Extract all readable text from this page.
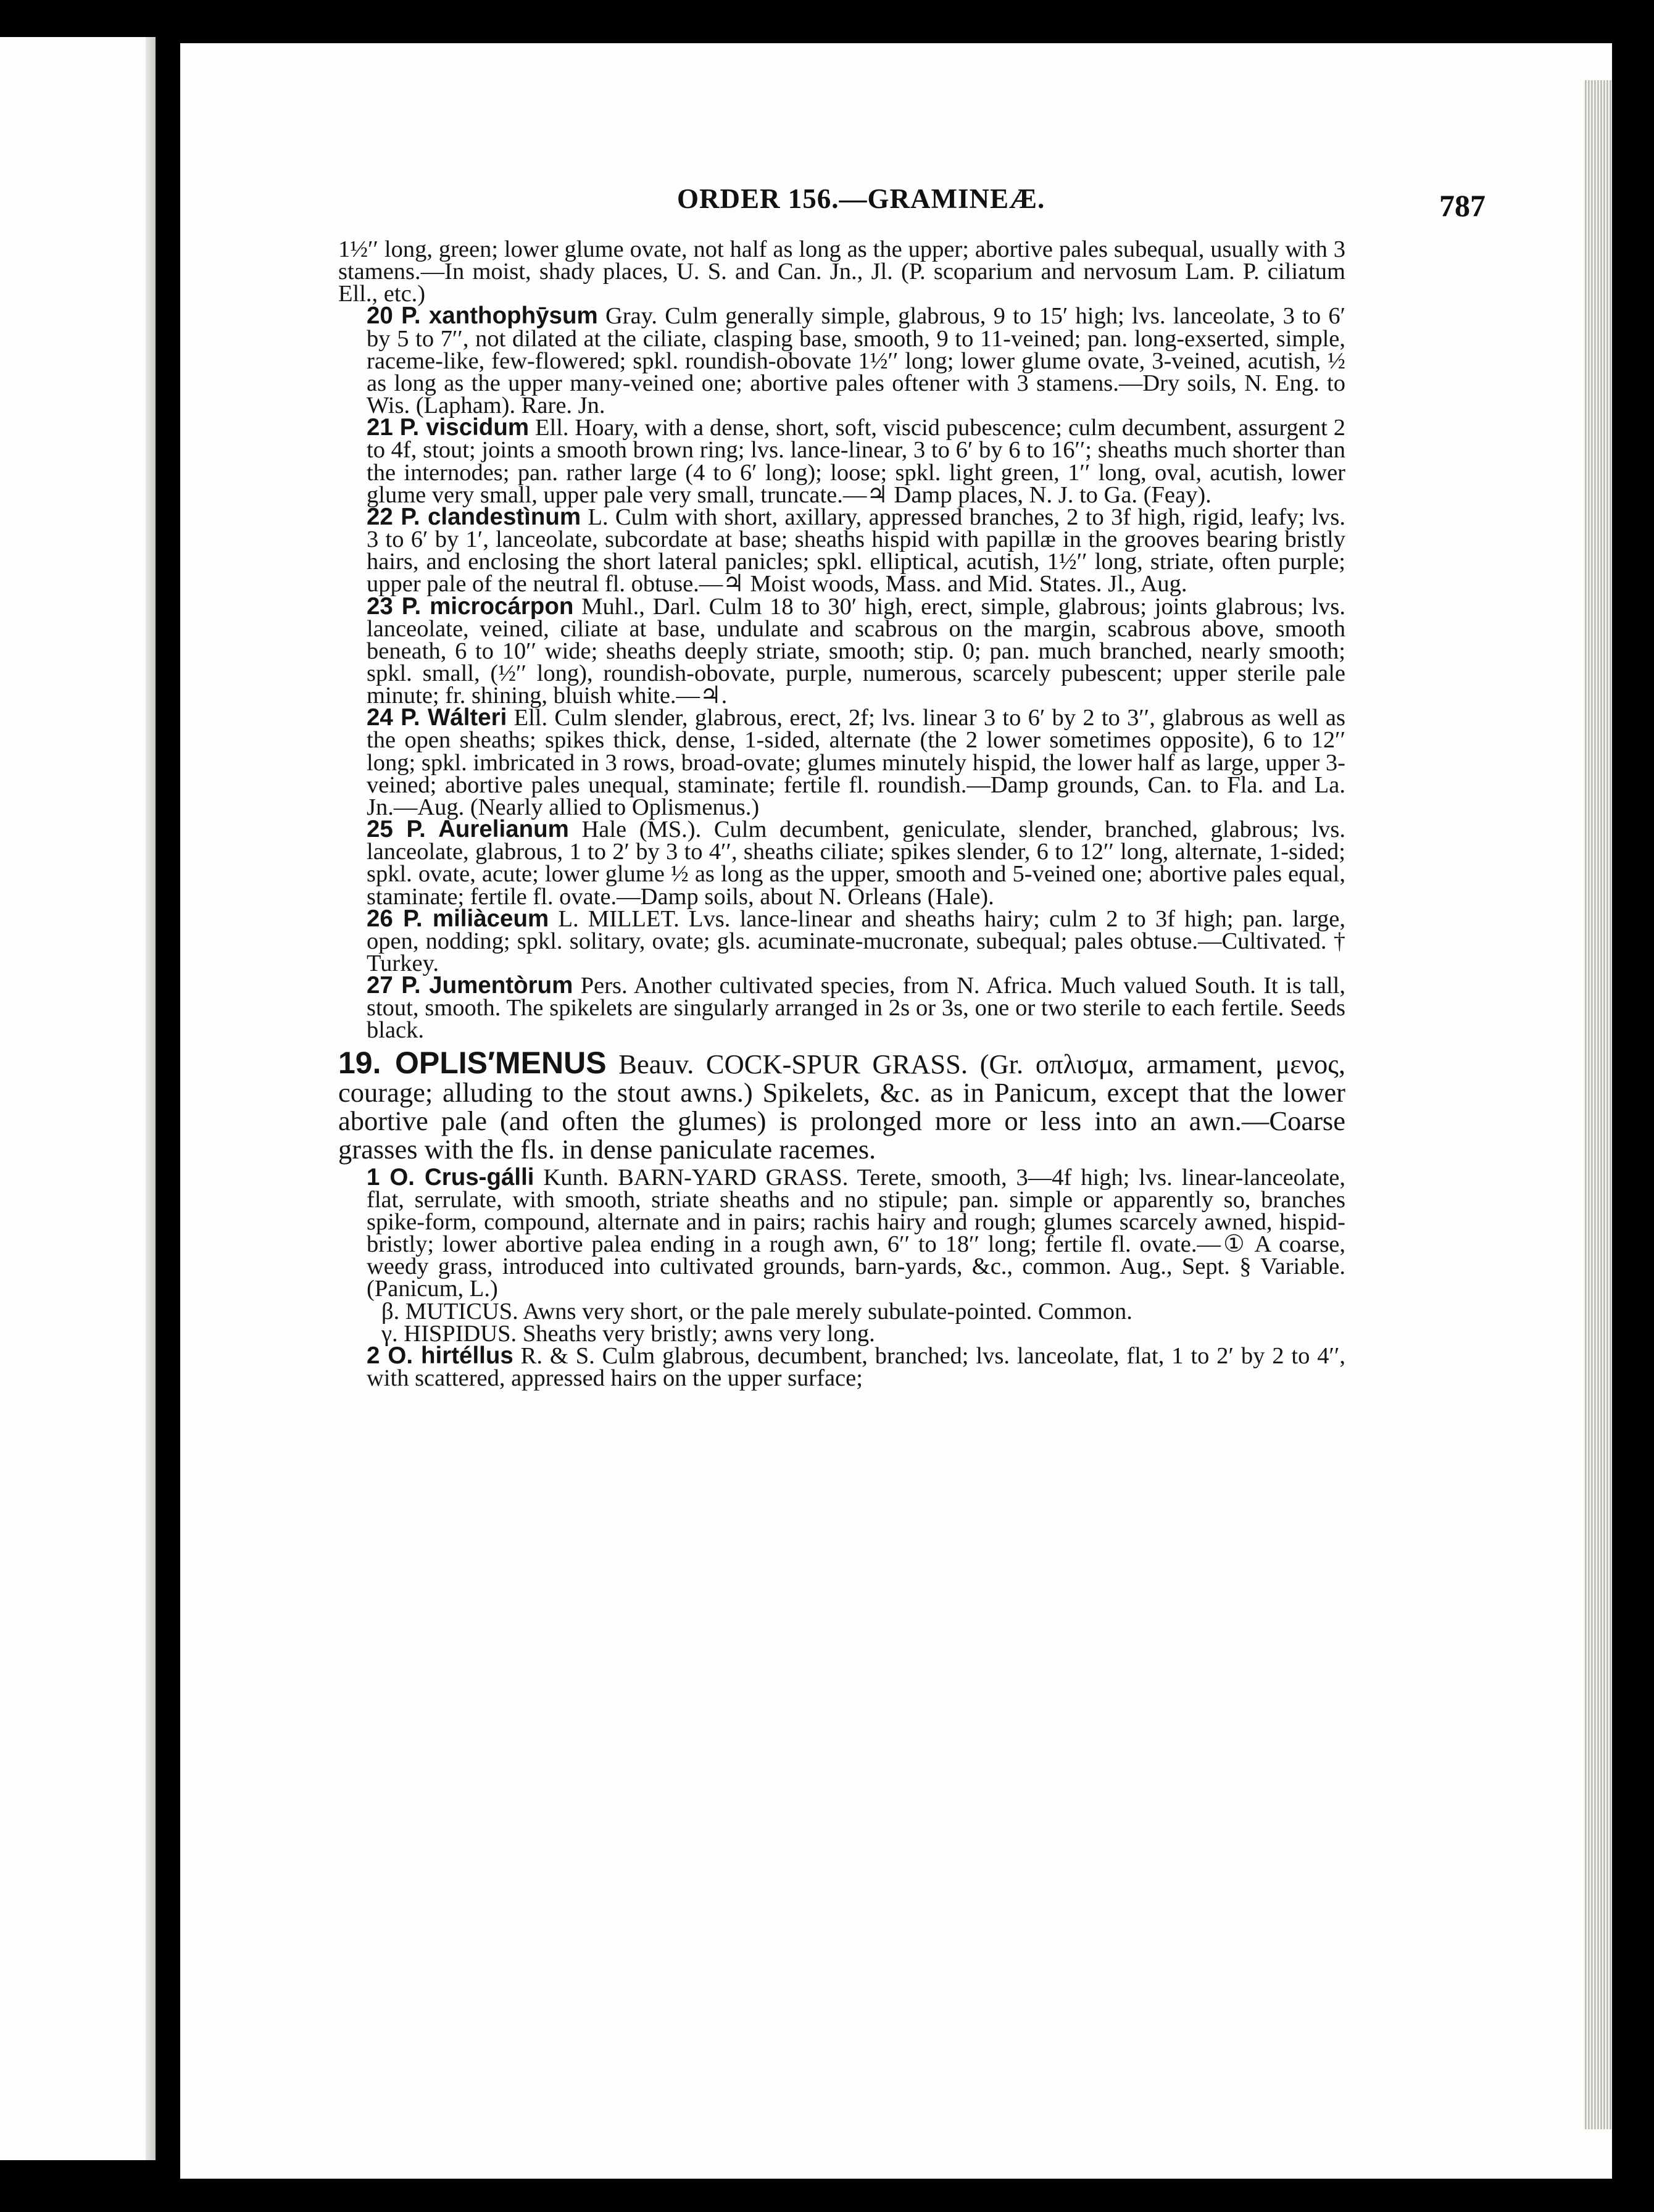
ORDER 156.—GRAMINEÆ.	787

1½′′ long, green; lower glume ovate, not half as long as the upper; abortive pales subequal, usually with 3 stamens.—In moist, shady places, U. S. and Can. Jn., Jl. (P. scoparium and nervosum Lam. P. ciliatum Ell., etc.)

20 P. xanthophȳsum Gray. Culm generally simple, glabrous, 9 to 15′ high; lvs. lanceolate, 3 to 6′ by 5 to 7′′, not dilated at the ciliate, clasping base, smooth, 9 to 11-veined; pan. long-exserted, simple, raceme-like, few-flowered; spkl. roundish-obovate 1½′′ long; lower glume ovate, 3-veined, acutish, ½ as long as the upper many-veined one; abortive pales oftener with 3 stamens.—Dry soils, N. Eng. to Wis. (Lapham). Rare. Jn.

21 P. viscidum Ell. Hoary, with a dense, short, soft, viscid pubescence; culm decumbent, assurgent 2 to 4f, stout; joints a smooth brown ring; lvs. lance-linear, 3 to 6′ by 6 to 16′′; sheaths much shorter than the internodes; pan. rather large (4 to 6′ long); loose; spkl. light green, 1′′ long, oval, acutish, lower glume very small, upper pale very small, truncate.—♃ Damp places, N. J. to Ga. (Feay).

22 P. clandestìnum L. Culm with short, axillary, appressed branches, 2 to 3f high, rigid, leafy; lvs. 3 to 6′ by 1′, lanceolate, subcordate at base; sheaths hispid with papillæ in the grooves bearing bristly hairs, and enclosing the short lateral panicles; spkl. elliptical, acutish, 1½′′ long, striate, often purple; upper pale of the neutral fl. obtuse.—♃ Moist woods, Mass. and Mid. States. Jl., Aug.

23 P. microcárpon Muhl., Darl. Culm 18 to 30′ high, erect, simple, glabrous; joints glabrous; lvs. lanceolate, veined, ciliate at base, undulate and scabrous on the margin, scabrous above, smooth beneath, 6 to 10′′ wide; sheaths deeply striate, smooth; stip. 0; pan. much branched, nearly smooth; spkl. small, (½′′ long), roundish-obovate, purple, numerous, scarcely pubescent; upper sterile pale minute; fr. shining, bluish white.—♃.

24 P. Wálteri Ell. Culm slender, glabrous, erect, 2f; lvs. linear 3 to 6′ by 2 to 3′′, glabrous as well as the open sheaths; spikes thick, dense, 1-sided, alternate (the 2 lower sometimes opposite), 6 to 12′′ long; spkl. imbricated in 3 rows, broad-ovate; glumes minutely hispid, the lower half as large, upper 3-veined; abortive pales unequal, staminate; fertile fl. roundish.—Damp grounds, Can. to Fla. and La. Jn.—Aug. (Nearly allied to Oplismenus.)

25 P. Aurelianum Hale (MS.). Culm decumbent, geniculate, slender, branched, glabrous; lvs. lanceolate, glabrous, 1 to 2′ by 3 to 4′′, sheaths ciliate; spikes slender, 6 to 12′′ long, alternate, 1-sided; spkl. ovate, acute; lower glume ½ as long as the upper, smooth and 5-veined one; abortive pales equal, staminate; fertile fl. ovate.—Damp soils, about N. Orleans (Hale).

26 P. miliàceum L. MILLET. Lvs. lance-linear and sheaths hairy; culm 2 to 3f high; pan. large, open, nodding; spkl. solitary, ovate; gls. acuminate-mucronate, subequal; pales obtuse.—Cultivated. † Turkey.

27 P. Jumentòrum Pers. Another cultivated species, from N. Africa. Much valued South. It is tall, stout, smooth. The spikelets are singularly arranged in 2s or 3s, one or two sterile to each fertile. Seeds black.

19. OPLIS′MENUS Beauv. COCK-SPUR GRASS. (Gr. οπλισμα, armament, μενος, courage; alluding to the stout awns.) Spikelets, &c. as in Panicum, except that the lower abortive pale (and often the glumes) is prolonged more or less into an awn.—Coarse grasses with the fls. in dense paniculate racemes.

1 O. Crus-gálli Kunth. BARN-YARD GRASS. Terete, smooth, 3—4f high; lvs. linear-lanceolate, flat, serrulate, with smooth, striate sheaths and no stipule; pan. simple or apparently so, branches spike-form, compound, alternate and in pairs; rachis hairy and rough; glumes scarcely awned, hispid-bristly; lower abortive palea ending in a rough awn, 6′′ to 18′′ long; fertile fl. ovate.—① A coarse, weedy grass, introduced into cultivated grounds, barn-yards, &c., common. Aug., Sept. § Variable. (Panicum, L.)

β. MUTICUS. Awns very short, or the pale merely subulate-pointed. Common.

γ. HISPIDUS. Sheaths very bristly; awns very long.

2 O. hirtéllus R. & S. Culm glabrous, decumbent, branched; lvs. lanceolate, flat, 1 to 2′ by 2 to 4′′, with scattered, appressed hairs on the upper surface;
